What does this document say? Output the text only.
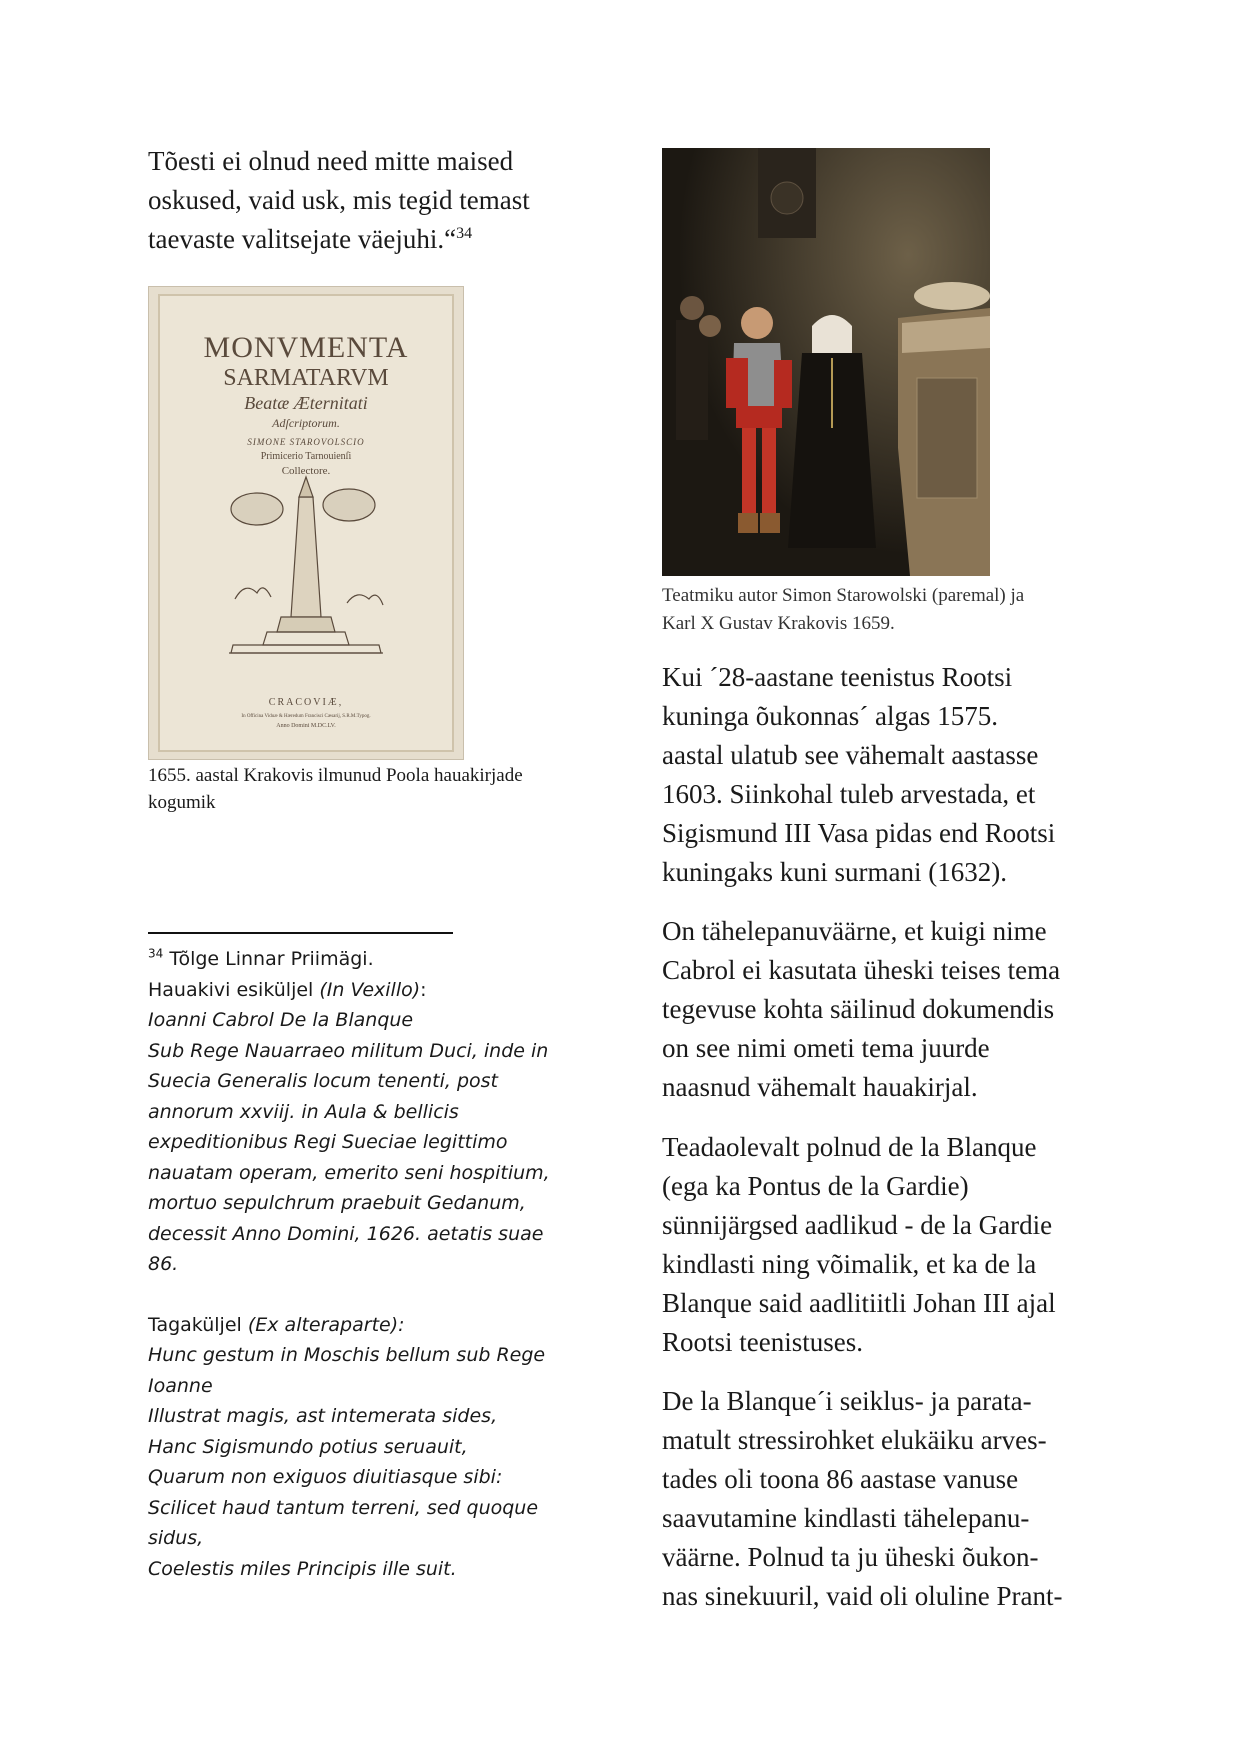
Tõesti ei olnud need mitte maised
oskused, vaid usk, mis tegid temast
taevaste valitsejate väejuhi.“$^{34}$

MONVMENTA
SARMATARVM
Beatæ Æternitati
Adſcriptorum.
SIMONE STAROVOLSCIO
Primicerio Tarnouienſi
Collectore.
CRACOVIÆ,
In Officina Viduæ & Hæredum Francisci Cæsarij, S.R.M.Typog.
Anno Domini M.DC.LV.

1655. aastal Krakovis ilmunud Poola hauakirjade
kogumik

$^{34}$ Tõlge Linnar Priimägi.
Hauakivi esiküljel (In Vexillo):
Ioanni Cabrol De la Blanque
Sub Rege Nauarraeo militum Duci, inde in
Suecia Generalis locum tenenti, post
annorum xxviij. in Aula & bellicis
expeditionibus Regi Sueciae legittimo
nauatam operam, emerito seni hospitium,
mortuo sepulchrum praebuit Gedanum,
decessit Anno Domini, 1626. aetatis suae
86.
Tagaküljel (Ex alteraparte):
Hunc gestum in Moschis bellum sub Rege
Ioanne
Illustrat magis, ast intemerata sides,
Hanc Sigismundo potius seruauit,
Quarum non exiguos diuitiasque sibi:
Scilicet haud tantum terreni, sed quoque
sidus,
Coelestis miles Principis ille suit.

Teatmiku autor Simon Starowolski (paremal) ja
Karl X Gustav Krakovis 1659.

Kui ´28-aastane teenistus Rootsi
kuninga õukonnas´ algas 1575.
aastal ulatub see vähemalt aastasse
1603. Siinkohal tuleb arvestada, et
Sigismund III Vasa pidas end Rootsi
kuningaks kuni surmani (1632).

On tähelepanuväärne, et kuigi nime
Cabrol ei kasutata üheski teises tema
tegevuse kohta säilinud dokumendis
on see nimi ometi tema juurde
naasnud vähemalt hauakirjal.

Teadaolevalt polnud de la Blanque
(ega ka Pontus de la Gardie)
sünnijärgsed aadlikud - de la Gardie
kindlasti ning võimalik, et ka de la
Blanque said aadlitiitli Johan III ajal
Rootsi teenistuses.

De la Blanque´i seiklus- ja parata-
matult stressirohket elukäiku arves-
tades oli toona 86 aastase vanuse
saavutamine kindlasti tähelepanu-
väärne. Polnud ta ju üheski õukon-
nas sinekuuril, vaid oli oluline Prant-
